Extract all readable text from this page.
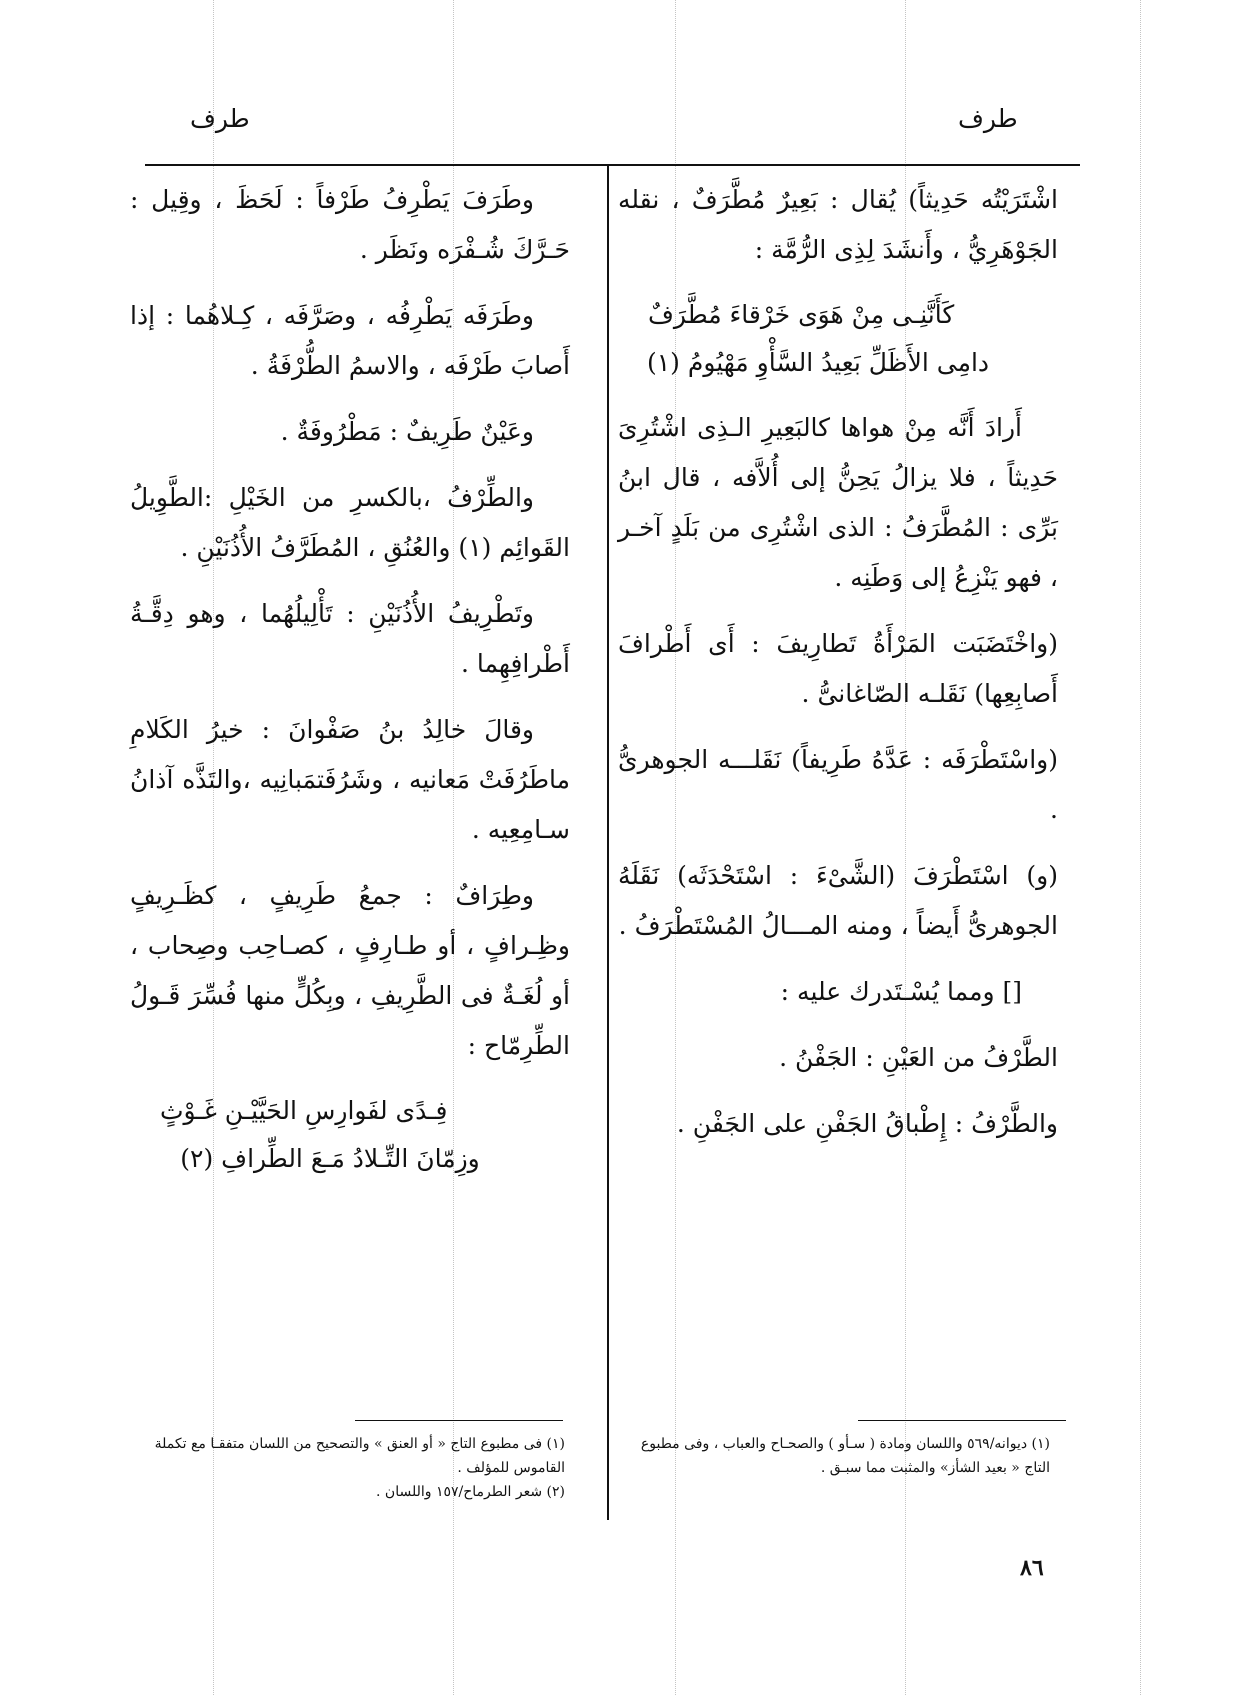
طرف
طرف

اشْتَرَيْتُه حَدِيثاً) يُقال : بَعِيرٌ مُطَّرَفٌ ، نقله الجَوْهَرِيُّ ، وأَنشَدَ لِذِى الرُّمَّة :

كَأَنَّنِـى مِنْ هَوَى خَرْقاءَ مُطَّرَفٌ
دامِى الأَظَلِّ بَعِيدُ السَّأْوِ مَهْيُومُ (١)

أَرادَ أَنَّه مِنْ هواها كالبَعِيرِ الـذِى اشْتُرِىَ حَدِيثاً ، فلا يزالُ يَحِنُّ إلى أُلاَّفه ، قال ابنُ بَرِّى : المُطَّرَفُ : الذى اشْتُرِى من بَلَدٍ آخـر ، فهو يَنْزِعُ إلى وَطَنِه .

(واخْتَضَبَت المَرْأَةُ تَطارِيفَ : أَى أَطْرافَ أَصابِعِها) نَقَلـه الصّاغانىُّ .

(واسْتَطْرَفَه : عَدَّهُ طَرِيفاً) نَقَلـــه الجوهرىُّ .

(و) اسْتَطْرَفَ (الشَّىْءَ : اسْتَحْدَثَه) نَقَلَهُ الجوهرىُّ أَيضاً ، ومنه المـــالُ المُسْتَطْرَفُ .

[] ومما يُسْـتَدرك عليه :

الطَّرْفُ من العَيْنِ : الجَفْنُ .

والطَّرْفُ : إِطْباقُ الجَفْنِ على الجَفْنِ .

وطَرَفَ يَطْرِفُ طَرْفاً : لَحَظَ ، وقِيل : حَـرَّكَ شُـفْرَه ونَظَر .

وطَرَفَه يَطْرِفُه ، وصَرَّفَه ، كِـلاهُما : إذا أَصابَ طَرْفَه ، والاسمُ الطُّرْفَةُ .

وعَيْنٌ طَرِيفٌ : مَطْرُوفَةٌ .

والطِّرْفُ ،بالكسرِ من الخَيْلِ :الطَّوِيلُ القَوائِم (١) والعُنُقِ ، المُطَرَّفُ الأُذُنَيْنِ .

وتَطْرِيفُ الأُذُنَيْنِ : تَأْلِيلُهُما ، وهو دِقَّـةُ أَطْرافِهِما .

وقالَ خالِدُ بنُ صَفْوانَ : خيرُ الكَلامِ ماطَرُفَتْ مَعانيه ، وشَرُفَتمَبانِيه ،والتَذَّه آذانُ سـامِعِيه .

وطِرَافٌ : جمعُ طَرِيفٍ ، كظَـرِيفٍ وظِـرافٍ ، أو طـارِفٍ ، كصـاحِب وصِحاب ، أو لُغَـةٌ فى الطَّرِيفِ ، وبِكُلٍّ منها فُسِّرَ قَـولُ الطِّرِمّاح :

فِـدًى لفَوارِسِ الحَيَّيْـنِ غَـوْثٍ
وزِمّانَ التِّـلادُ مَـعَ الطِّرافِ (٢)
(١) ديوانه/٥٦٩ واللسان ومادة ( سـأو ) والصحـاح والعباب ، وفى مطبوع التاج « بعيد الشأز» والمثبت مما سبـق .
(١) فى مطبوع التاج « أو العنق » والتصحيح من اللسان متفقـا مع تكملة القاموس للمؤلف .
(٢) شعر الطرماح/١٥٧ واللسان .
٨٦
